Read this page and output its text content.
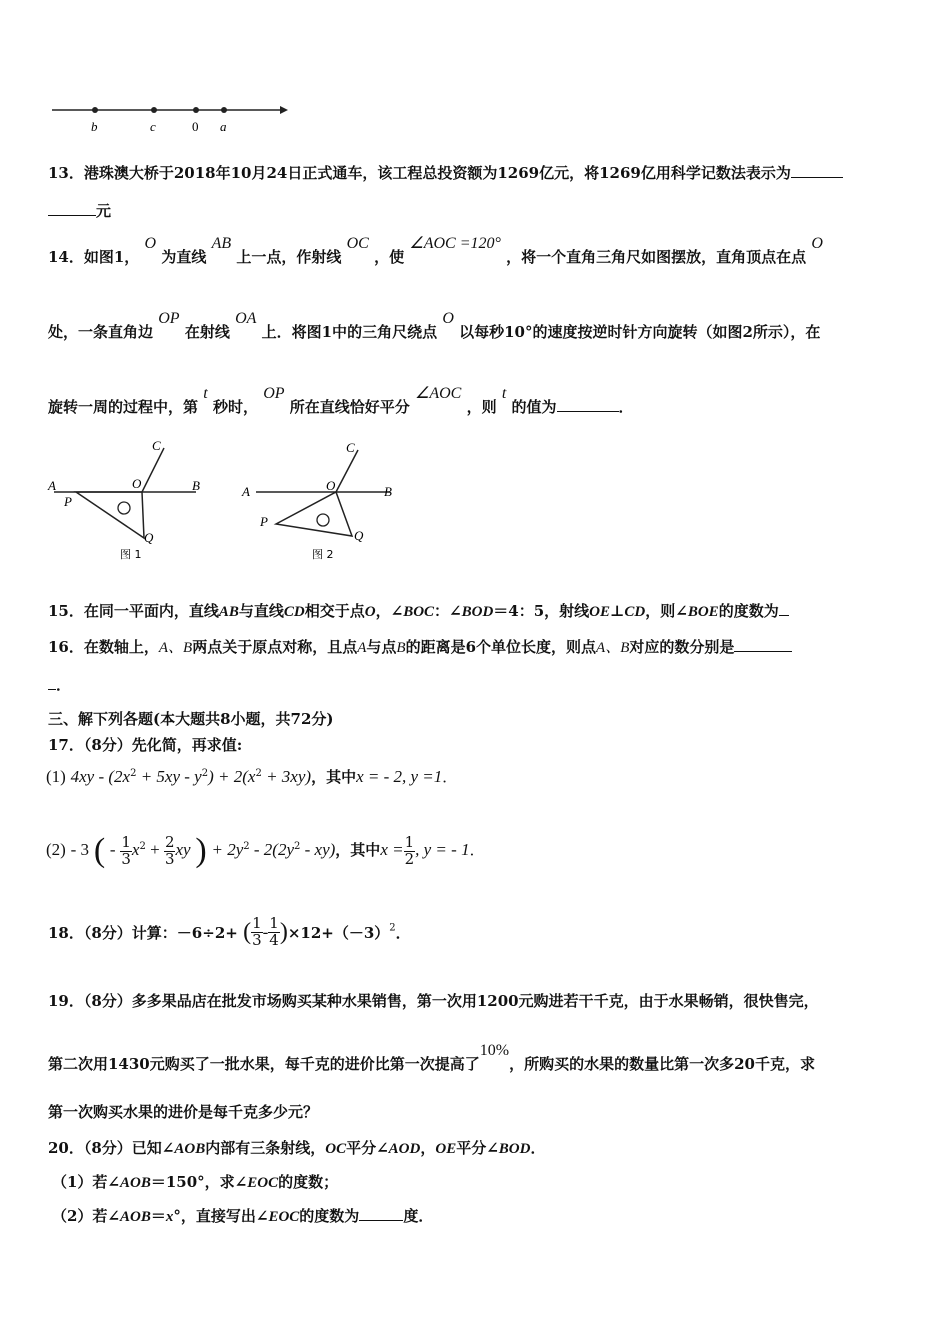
b	c	0 a
13．港珠澳大桥于2018年10月24日正式通车，该工程总投资额为1269亿元，将1269亿用科学记数法表示为
元
14．如图1， O 为直线 AB 上一点，作射线 OC ，使 ∠AOC =120° ，将一个直角三角尺如图摆放，直角顶点在点 O
处，一条直角边 OP 在射线 OA 上．将图1中的三角尺绕点 O 以每秒10°的速度按逆时针方向旋转（如图2所示），在
旋转一周的过程中，第 t 秒时， OP 所在直线恰好平分 ∠AOC ，则 t 的值为	．
A	B
C
O
P
Q
图 1
A	B
C
O
P
Q
图 2
15．在同一平面内，直线AB与直线CD相交于点O，∠BOC：∠BOD＝4：5，射线OE⊥CD，则∠BOE的度数为
16．在数轴上，A、B两点关于原点对称，且点A与点B的距离是6个单位长度，则点A、B对应的数分别是
．
三、解下列各题(本大题共8小题，共72分)
17．（8分）先化简，再求值:
(1) $4xy - (2x^2 + 5xy - y^2) + 2(x^2 + 3xy)$，其中x = - 2, y =1．
(2) - 3 ( - $\frac{1}{3} x^2 + \frac{2}{3}$ xy ) + $2y^2 - 2(2y^2 - xy)$，其中$x = \frac{1}{2}$ , y = - 1．
18．（8分）计算：－6÷2+ ( $\frac{1}{3} - \frac{1}{4} )\times 12+(-3)^2$．
19．（8分）多多果品店在批发市场购买某种水果销售，第一次用1200元购进若干千克，由于水果畅销，很快售完，
第二次用1430元购买了一批水果，每千克的进价比第一次提高了10%，所购买的水果的数量比第一次多20千克，求
第一次购买水果的进价是每千克多少元？
20．（8分）已知∠AOB内部有三条射线，OC平分∠AOD，OE平分∠BOD．
（1）若∠AOB＝150°，求∠EOC的度数；
（2）若∠AOB＝x°，直接写出∠EOC的度数为	度．
